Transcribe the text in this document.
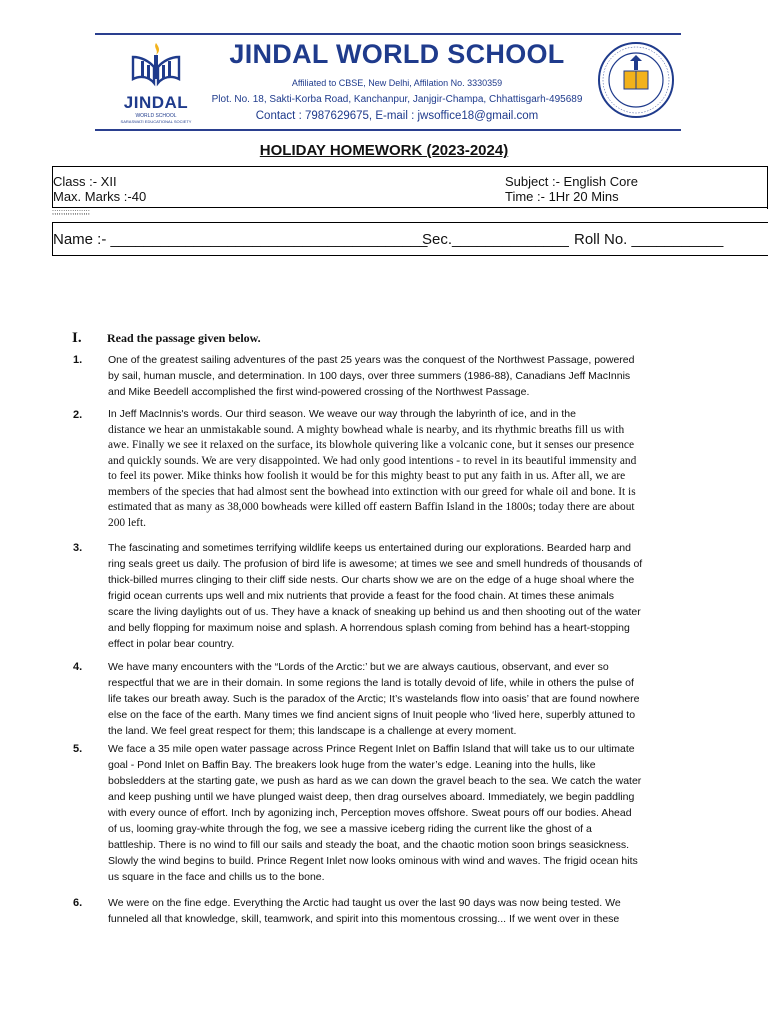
JINDAL
WORLD SCHOOL
SARASWATI EDUCATIONAL SOCIETY
JINDAL WORLD SCHOOL
Affiliated to CBSE, New Delhi, Affilation No. 3330359
Plot. No. 18, Sakti-Korba Road, Kanchanpur, Janjgir-Champa, Chhattisgarh-495689
Contact : 7987629675, E-mail : jwsoffice18@gmail.com
HOLIDAY HOMEWORK (2023-2024)
Class :- XII
Max. Marks :-40
Subject :- English Core
Time :- 1Hr 20 Mins
;;;;;;;;;;;;;;;;;
Name :- ______________________________________
Sec.______________ Roll No. ___________
I. Read the passage given below.
1. One of the greatest sailing adventures of the past 25 years was the conquest of the Northwest Passage, powered
by sail, human muscle, and determination. In 100 days, over three summers (1986-88), Canadians Jeff MacInnis
and Mike Beedell accomplished the first wind-powered crossing of the Northwest Passage.
2. In Jeff MacInnis's words. Our third season. We weave our way through the labyrinth of ice, and in the
distance we hear an unmistakable sound. A mighty bowhead whale is nearby, and its rhythmic breaths fill us with
awe. Finally we see it relaxed on the surface, its blowhole quivering like a volcanic cone, but it senses our presence
and quickly sounds. We are very disappointed. We had only good intentions - to revel in its beautiful immensity and
to feel its power. Mike thinks how foolish it would be for this mighty beast to put any faith in us. After all, we are
members of the species that had almost sent the bowhead into extinction with our greed for whale oil and bone. It is
estimated that as many as 38,000 bowheads were killed off eastern Baffin Island in the 1800s; today there are about
200 left.
3. The fascinating and sometimes terrifying wildlife keeps us entertained during our explorations. Bearded harp and
ring seals greet us daily. The profusion of bird life is awesome; at times we see and smell hundreds of thousands of
thick-billed murres clinging to their cliff side nests. Our charts show we are on the edge of a huge shoal where the
frigid ocean currents ups well and mix nutrients that provide a feast for the food chain. At times these animals
scare the living daylights out of us. They have a knack of sneaking up behind us and then shooting out of the water
and belly flopping for maximum noise and splash. A horrendous splash coming from behind has a heart-stopping
effect in polar bear country.
4. We have many encounters with the “Lords of the Arctic:’ but we are always cautious, observant, and ever so
respectful that we are in their domain. In some regions the land is totally devoid of life, while in others the pulse of
life takes our breath away. Such is the paradox of the Arctic; It’s wastelands flow into oasis’ that are found nowhere
else on the face of the earth. Many times we find ancient signs of Inuit people who ‘lived here, superbly attuned to
the land. We feel great respect for them; this landscape is a challenge at every moment.
5. We face a 35 mile open water passage across Prince Regent Inlet on Baffin Island that will take us to our ultimate
goal - Pond Inlet on Baffin Bay. The breakers look huge from the water’s edge. Leaning into the hulls, like
bobsledders at the starting gate, we push as hard as we can down the gravel beach to the sea. We catch the water
and keep pushing until we have plunged waist deep, then drag ourselves aboard. Immediately, we begin paddling
with every ounce of effort. Inch by agonizing inch, Perception moves offshore. Sweat pours off our bodies. Ahead
of us, looming gray-white through the fog, we see a massive iceberg riding the current like the ghost of a
battleship. There is no wind to fill our sails and steady the boat, and the chaotic motion soon brings seasickness.
Slowly the wind begins to build. Prince Regent Inlet now looks ominous with wind and waves. The frigid ocean hits
us square in the face and chills us to the bone.
6. We were on the fine edge. Everything the Arctic had taught us over the last 90 days was now being tested. We
funneled all that knowledge, skill, teamwork, and spirit into this momentous crossing... If we went over in these
